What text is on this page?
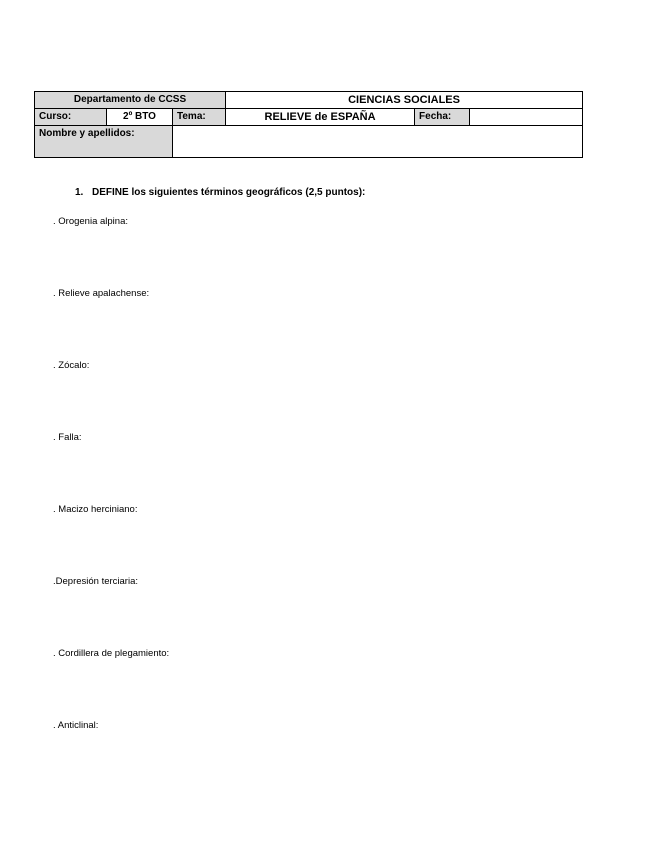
Departamento de CCSS			CIENCIAS SOCIALES		
Curso:	2º BTO	Tema:	RELIEVE de ESPAÑA	Fecha:	
Nombre y apellidos:					
1. DEFINE los siguientes términos geográficos (2,5 puntos):
. Orogenia alpina:
. Relieve apalachense:
. Zócalo:
. Falla:
. Macizo herciniano:
.Depresión terciaria:
. Cordillera de plegamiento:
. Anticlinal:
